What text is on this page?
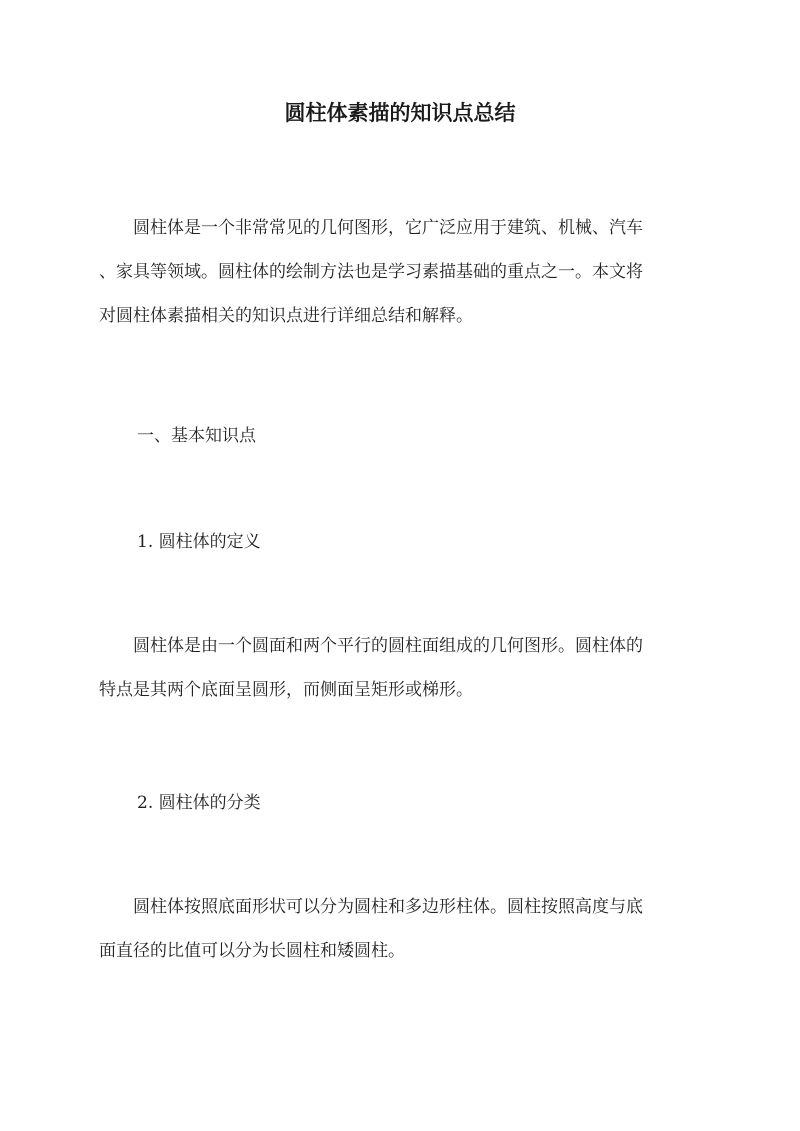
圆柱体素描的知识点总结

　　圆柱体是一个非常常见的几何图形，它广泛应用于建筑、机械、汽车
、家具等领域。圆柱体的绘制方法也是学习素描基础的重点之一。本文将
对圆柱体素描相关的知识点进行详细总结和解释。

一、基本知识点
1. 圆柱体的定义

　　圆柱体是由一个圆面和两个平行的圆柱面组成的几何图形。圆柱体的
特点是其两个底面呈圆形，而侧面呈矩形或梯形。

2. 圆柱体的分类

　　圆柱体按照底面形状可以分为圆柱和多边形柱体。圆柱按照高度与底
面直径的比值可以分为长圆柱和矮圆柱。
